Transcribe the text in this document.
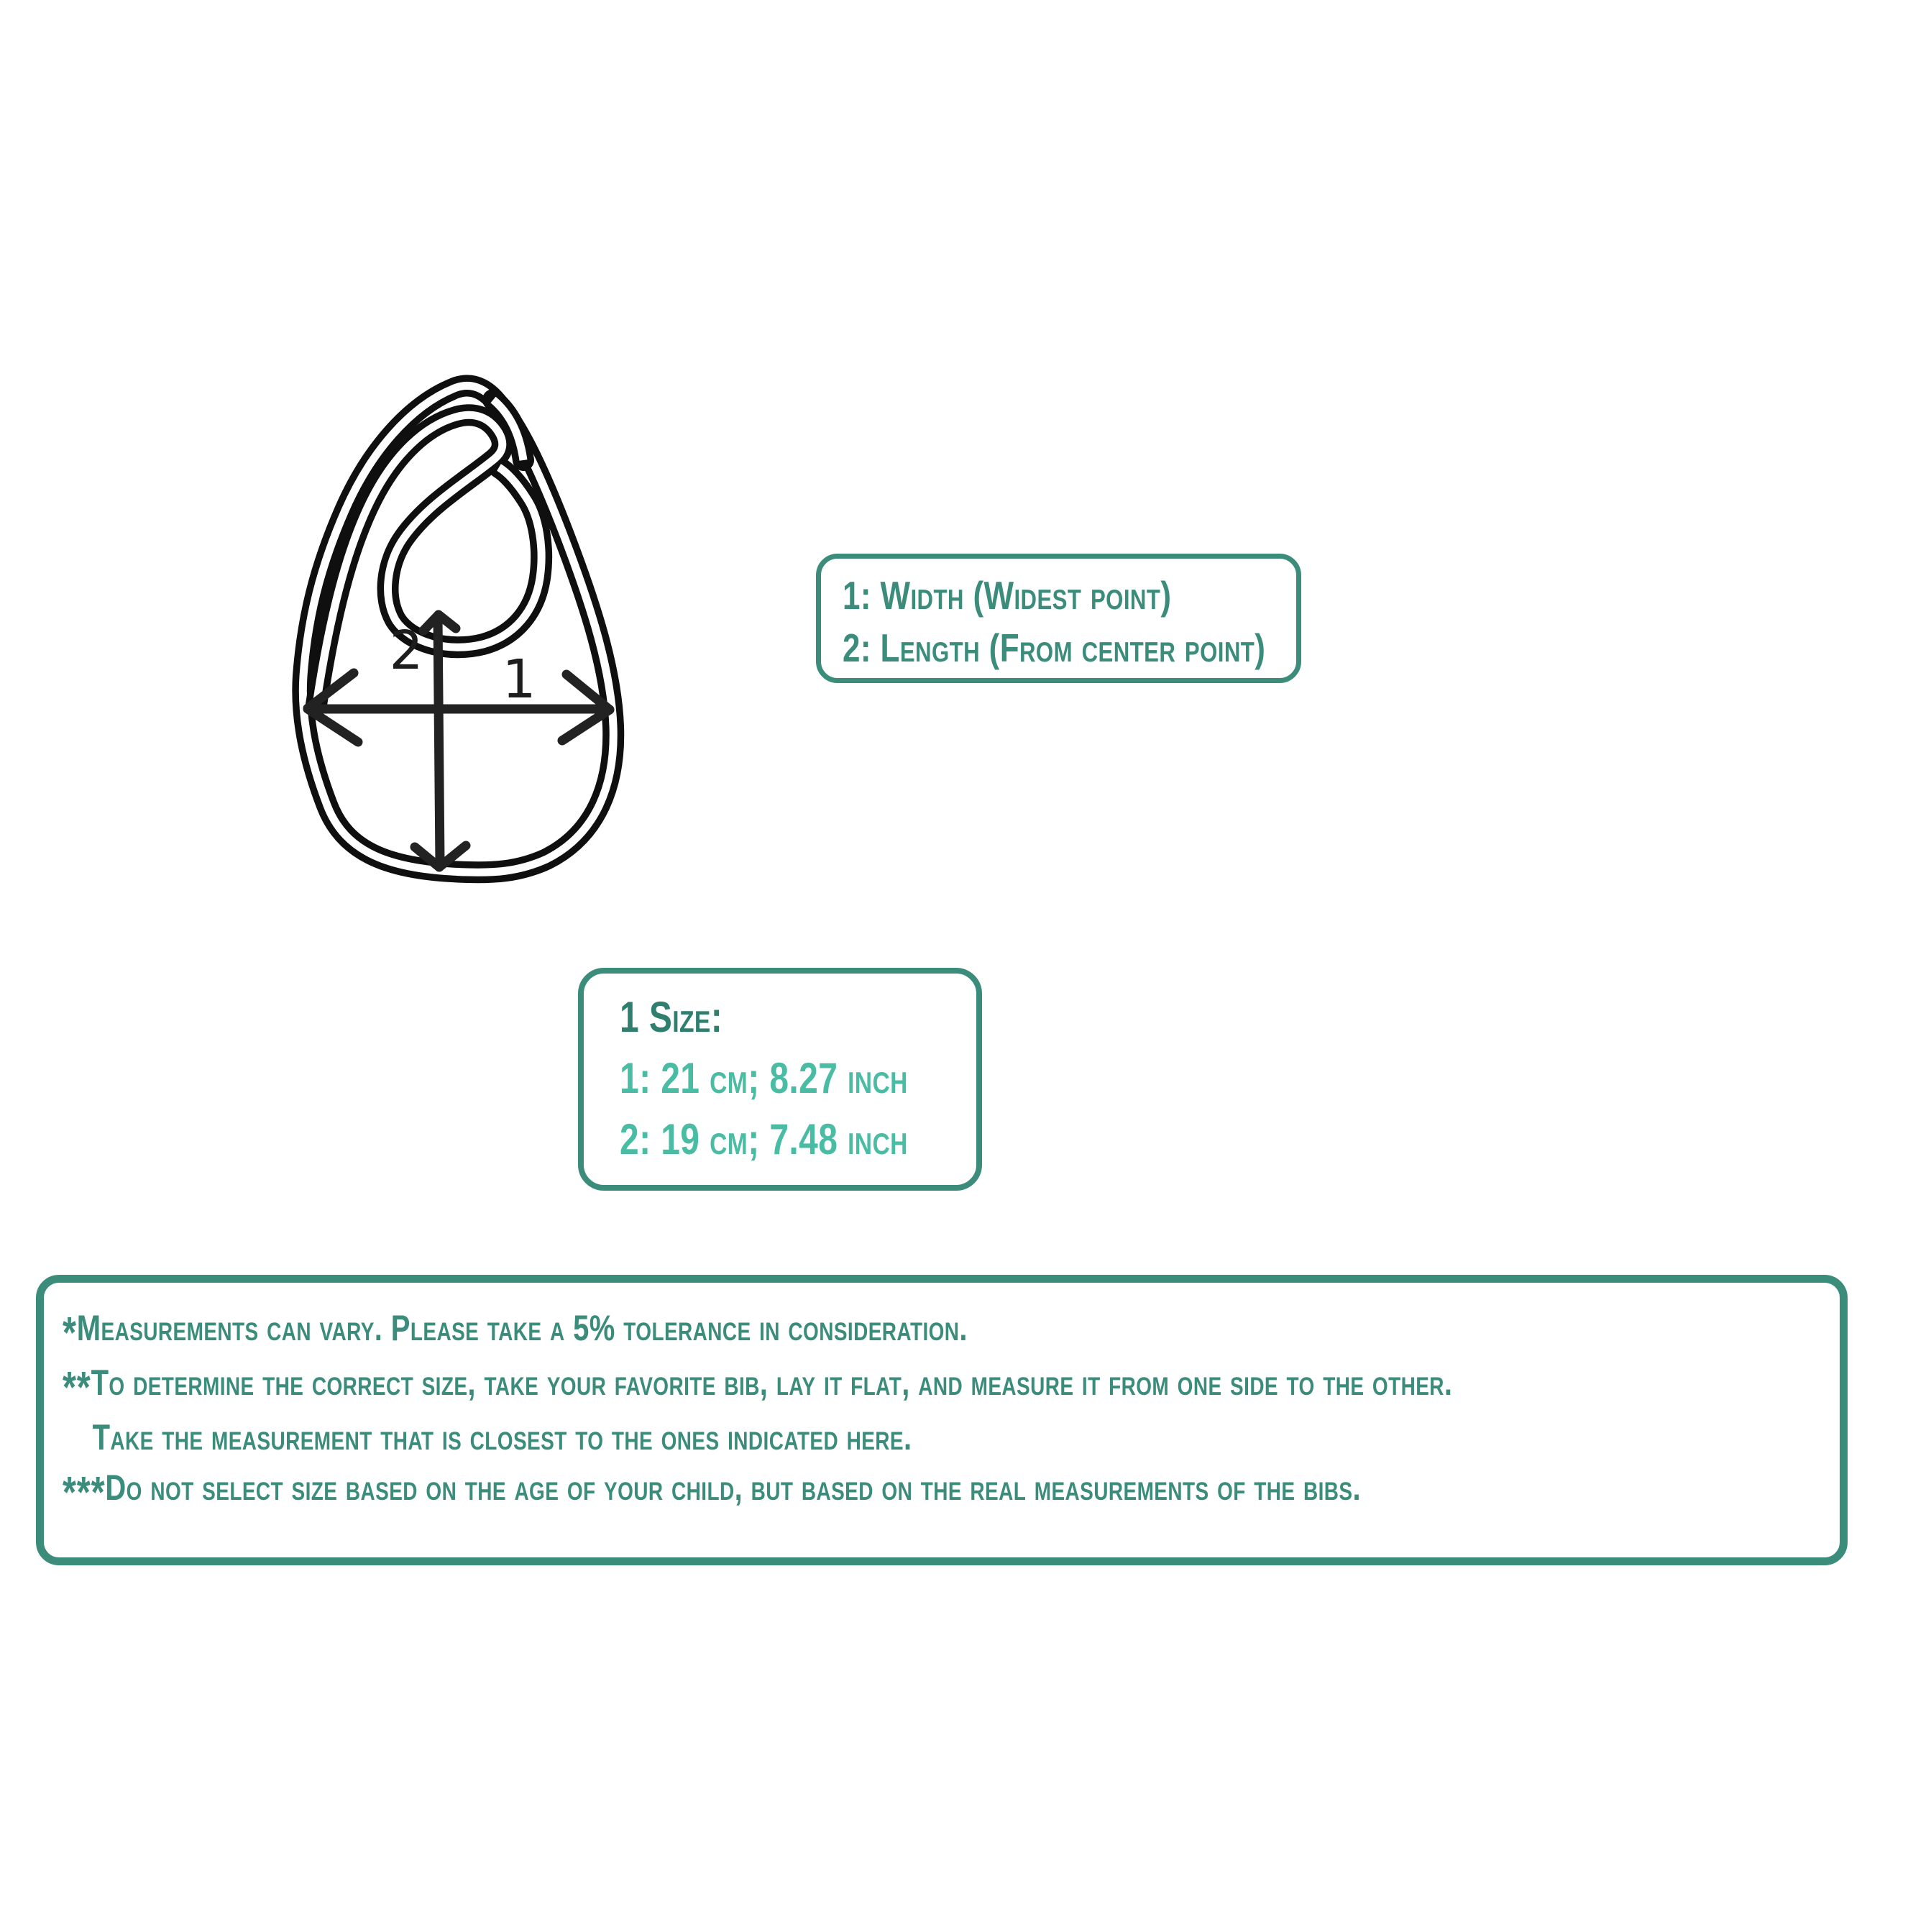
2 1
1: Width (Widest point)
2: Length (From center point)
1 Size:
1: 21 cm; 8.27 inch
2: 19 cm; 7.48 inch
*Measurements can vary. Please take a 5% tolerance in consideration.
**To determine the correct size, take your favorite bib, lay it flat, and measure it from one side to the other.
Take the measurement that is closest to the ones indicated here.
***Do not select size based on the age of your child, but based on the real measurements of the bibs.
